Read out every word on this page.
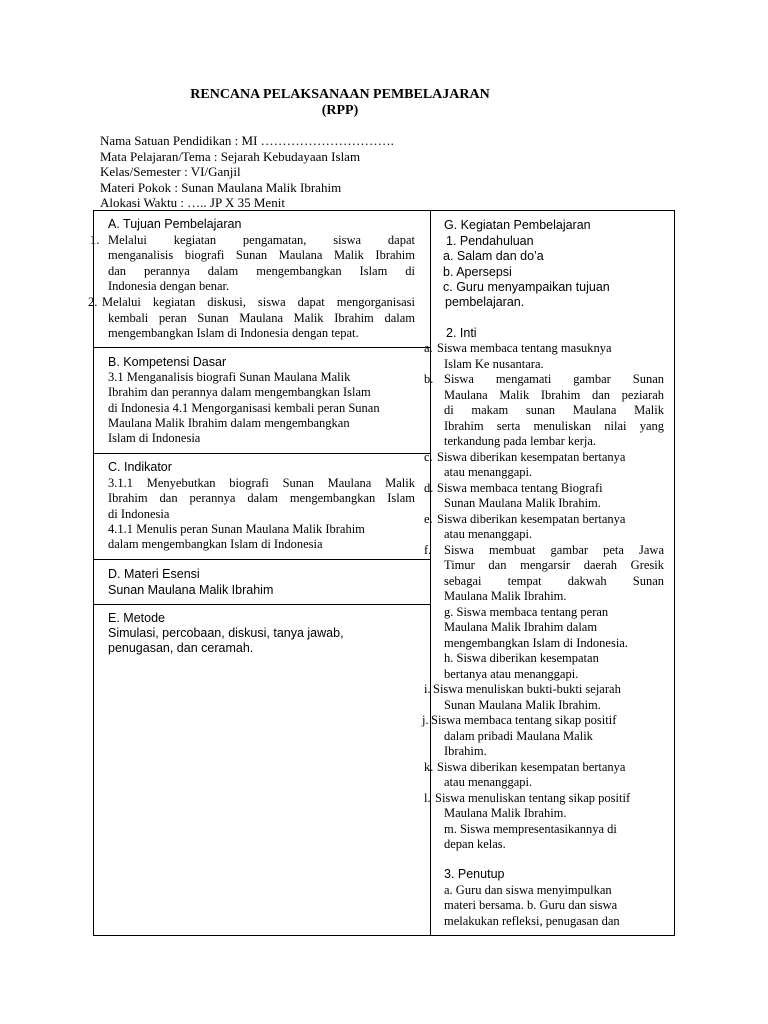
RENCANA PELAKSANAAN PEMBELAJARAN
(RPP)
Nama Satuan Pendidikan : MI ………………………….
Mata Pelajaran/Tema : Sejarah Kebudayaan Islam
Kelas/Semester : VI/Ganjil
Materi Pokok : Sunan Maulana Malik Ibrahim
Alokasi Waktu : ….. JP X 35 Menit
A. Tujuan Pembelajaran
1. Melalui kegiatan pengamatan, siswa dapat
menganalisis biografi Sunan Maulana Malik Ibrahim
dan perannya dalam mengembangkan Islam di
Indonesia dengan benar.
2. Melalui kegiatan diskusi, siswa dapat mengorganisasi
kembali peran Sunan Maulana Malik Ibrahim dalam
mengembangkan Islam di Indonesia dengan tepat.
B. Kompetensi Dasar
3.1 Menganalisis biografi Sunan Maulana Malik
Ibrahim dan perannya dalam mengembangkan Islam
di Indonesia 4.1 Mengorganisasi kembali peran Sunan
Maulana Malik Ibrahim dalam mengembangkan
Islam di Indonesia
C. Indikator
3.1.1 Menyebutkan biografi Sunan Maulana Malik
Ibrahim dan perannya dalam mengembangkan Islam
di Indonesia
4.1.1 Menulis peran Sunan Maulana Malik Ibrahim
dalam mengembangkan Islam di Indonesia
D. Materi Esensi
Sunan Maulana Malik Ibrahim
E. Metode
Simulasi, percobaan, diskusi, tanya jawab,
penugasan, dan ceramah.
G. Kegiatan Pembelajaran
1. Pendahuluan
a. Salam dan do’a
b. Apersepsi
c. Guru menyampaikan tujuan
pembelajaran.
2. Inti
a. Siswa membaca tentang masuknya
Islam Ke nusantara.
b. Siswa mengamati gambar Sunan
Maulana Malik Ibrahim dan peziarah
di makam sunan Maulana Malik
Ibrahim serta menuliskan nilai yang
terkandung pada lembar kerja.
c. Siswa diberikan kesempatan bertanya
atau menanggapi.
d. Siswa membaca tentang Biografi
Sunan Maulana Malik Ibrahim.
e. Siswa diberikan kesempatan bertanya
atau menanggapi.
f. Siswa membuat gambar peta Jawa
Timur dan mengarsir daerah Gresik
sebagai tempat dakwah Sunan
Maulana Malik Ibrahim.
g. Siswa membaca tentang peran
Maulana Malik Ibrahim dalam
mengembangkan Islam di Indonesia.
h. Siswa diberikan kesempatan
bertanya atau menanggapi.
i. Siswa menuliskan bukti-bukti sejarah
Sunan Maulana Malik Ibrahim.
j. Siswa membaca tentang sikap positif
dalam pribadi Maulana Malik
Ibrahim.
k. Siswa diberikan kesempatan bertanya
atau menanggapi.
l. Siswa menuliskan tentang sikap positif
Maulana Malik Ibrahim.
m. Siswa mempresentasikannya di
depan kelas.
3. Penutup
a. Guru dan siswa menyimpulkan
materi bersama. b. Guru dan siswa
melakukan refleksi, penugasan dan
